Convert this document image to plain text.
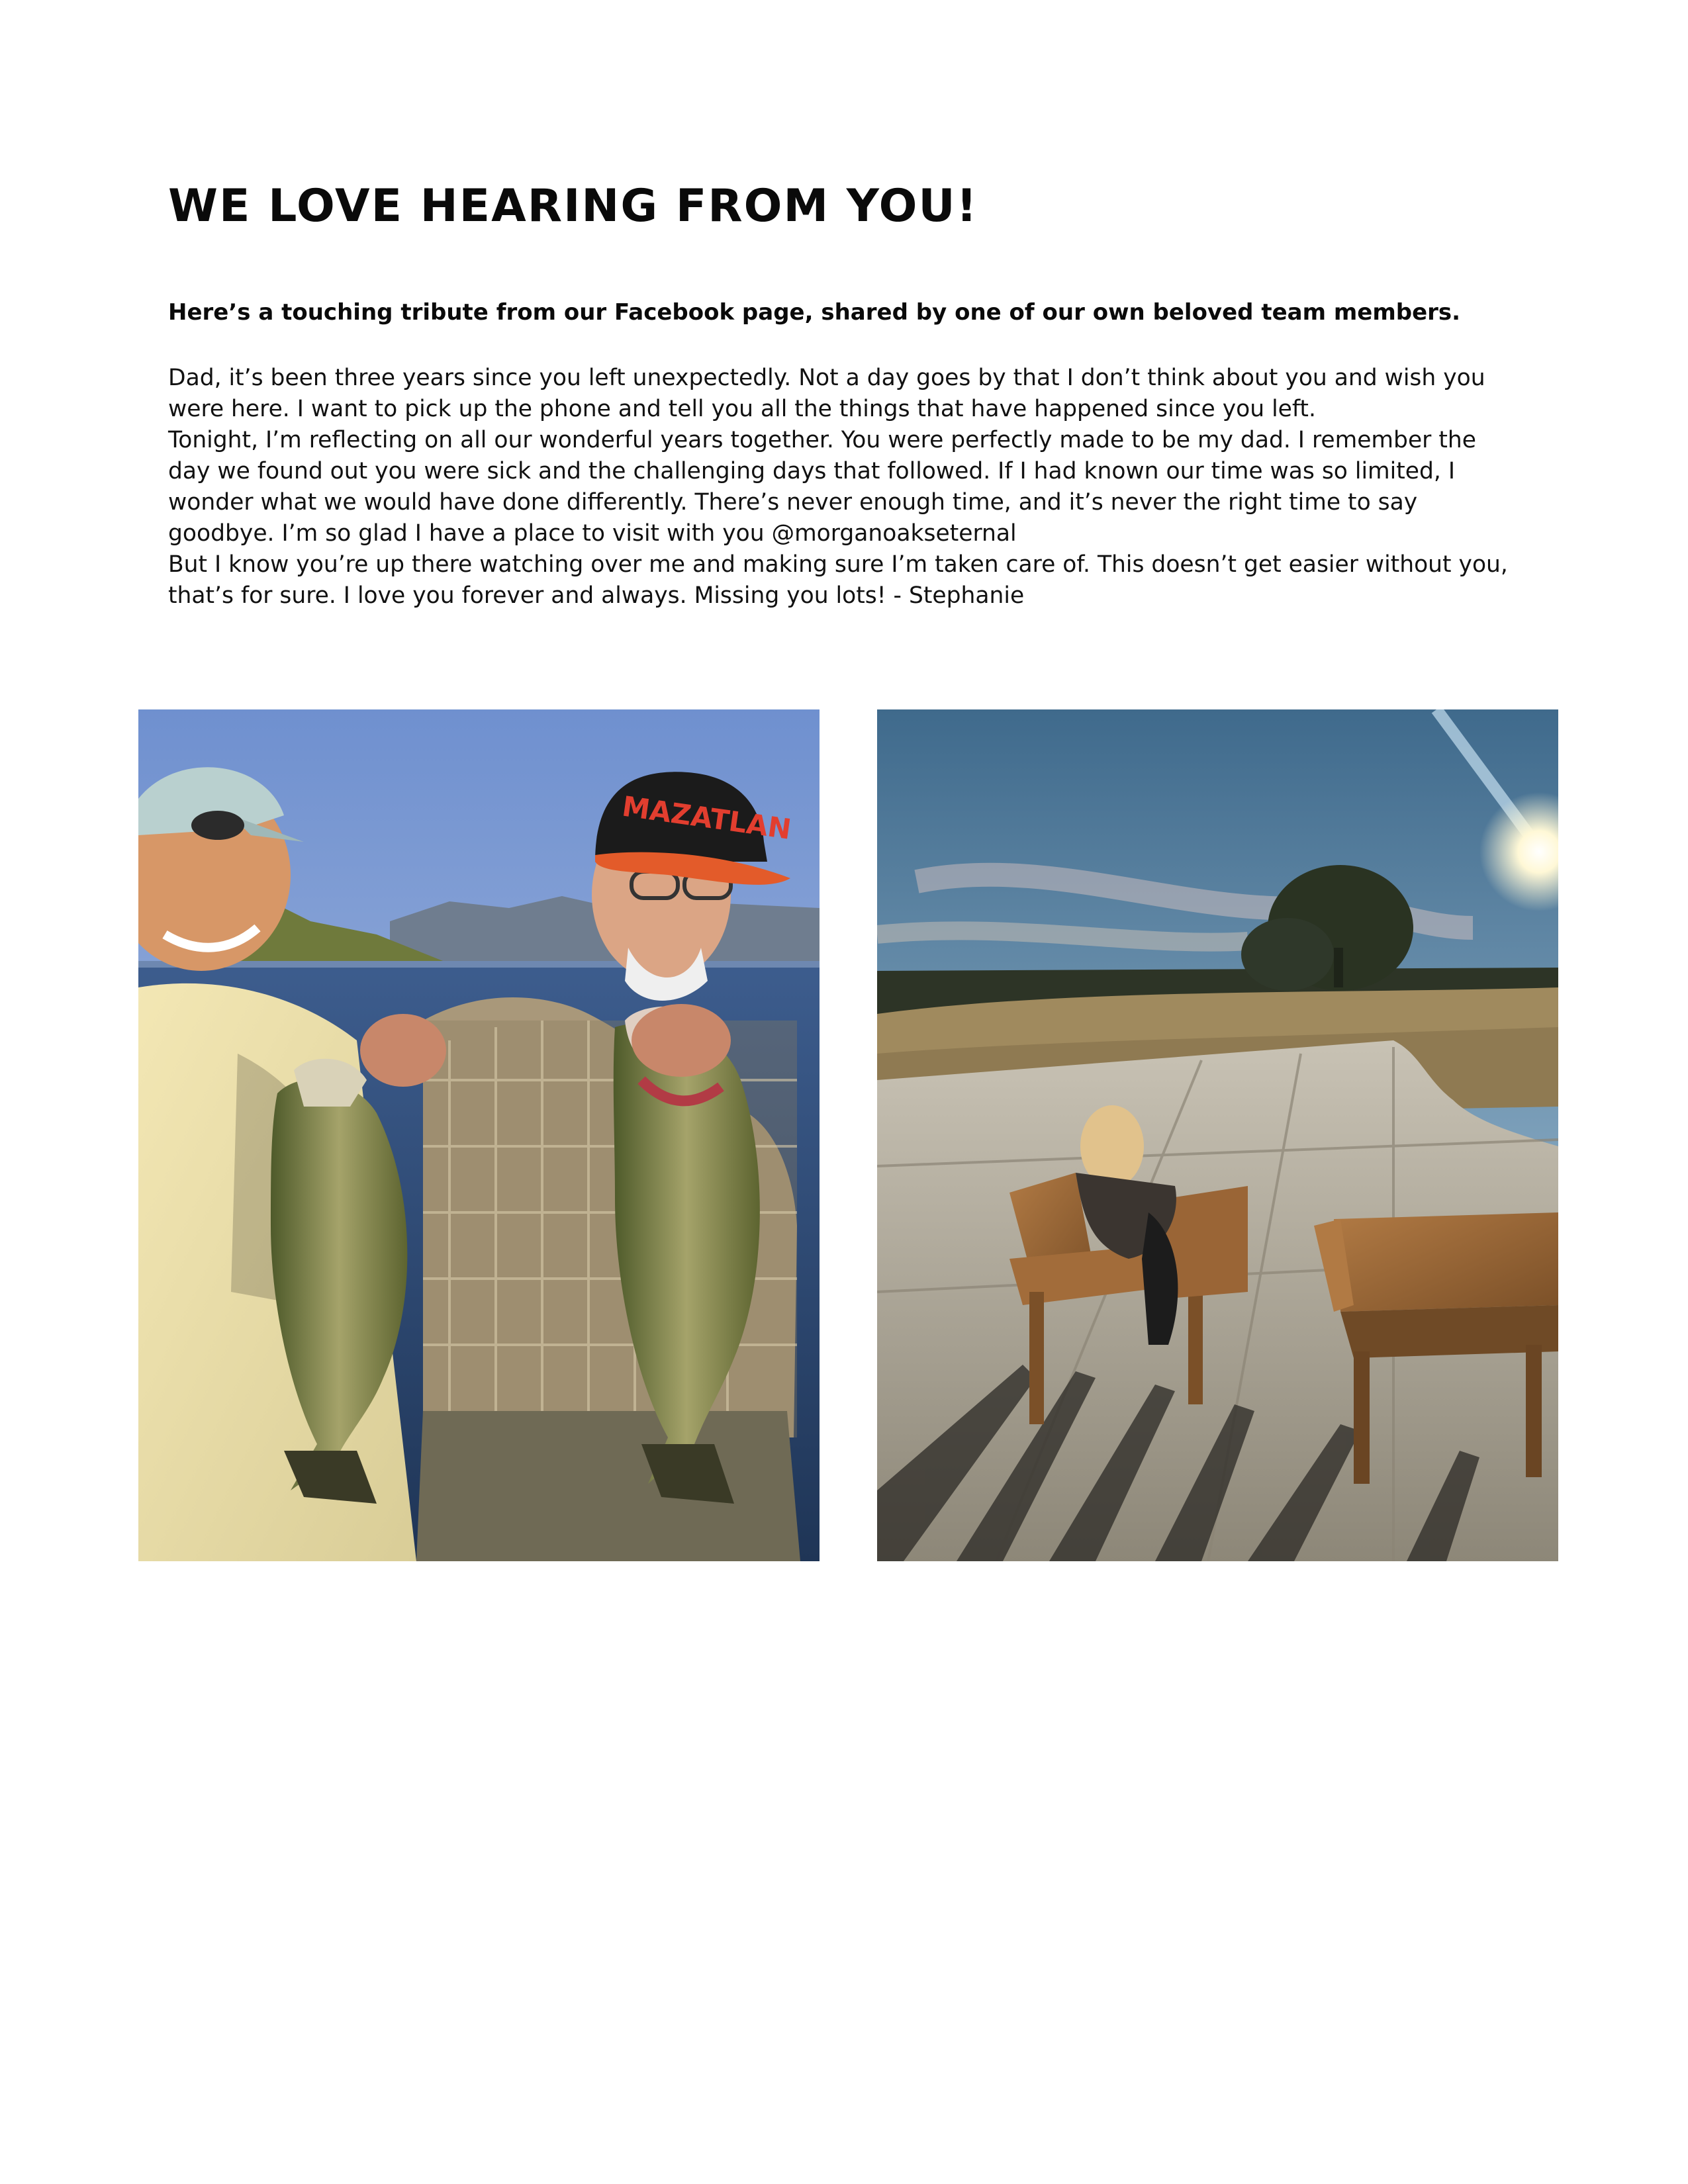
WE LOVE HEARING FROM YOU!

Here’s a touching tribute from our Facebook page, shared by one of our own beloved team members.

Dad, it’s been three years since you left unexpectedly. Not a day goes by that I don’t think about you and wish you

were here. I want to pick up the phone and tell you all the things that have happened since you left.

Tonight, I’m reflecting on all our wonderful years together. You were perfectly made to be my dad. I remember the

day we found out you were sick and the challenging days that followed. If I had known our time was so limited, I

wonder what we would have done differently. There’s never enough time, and it’s never the right time to say

goodbye. I’m so glad I have a place to visit with you @morganoakseternal

But I know you’re up there watching over me and making sure I’m taken care of. This doesn’t get easier without you,

that’s for sure. I love you forever and always. Missing you lots! - Stephanie

MAZATLAN
